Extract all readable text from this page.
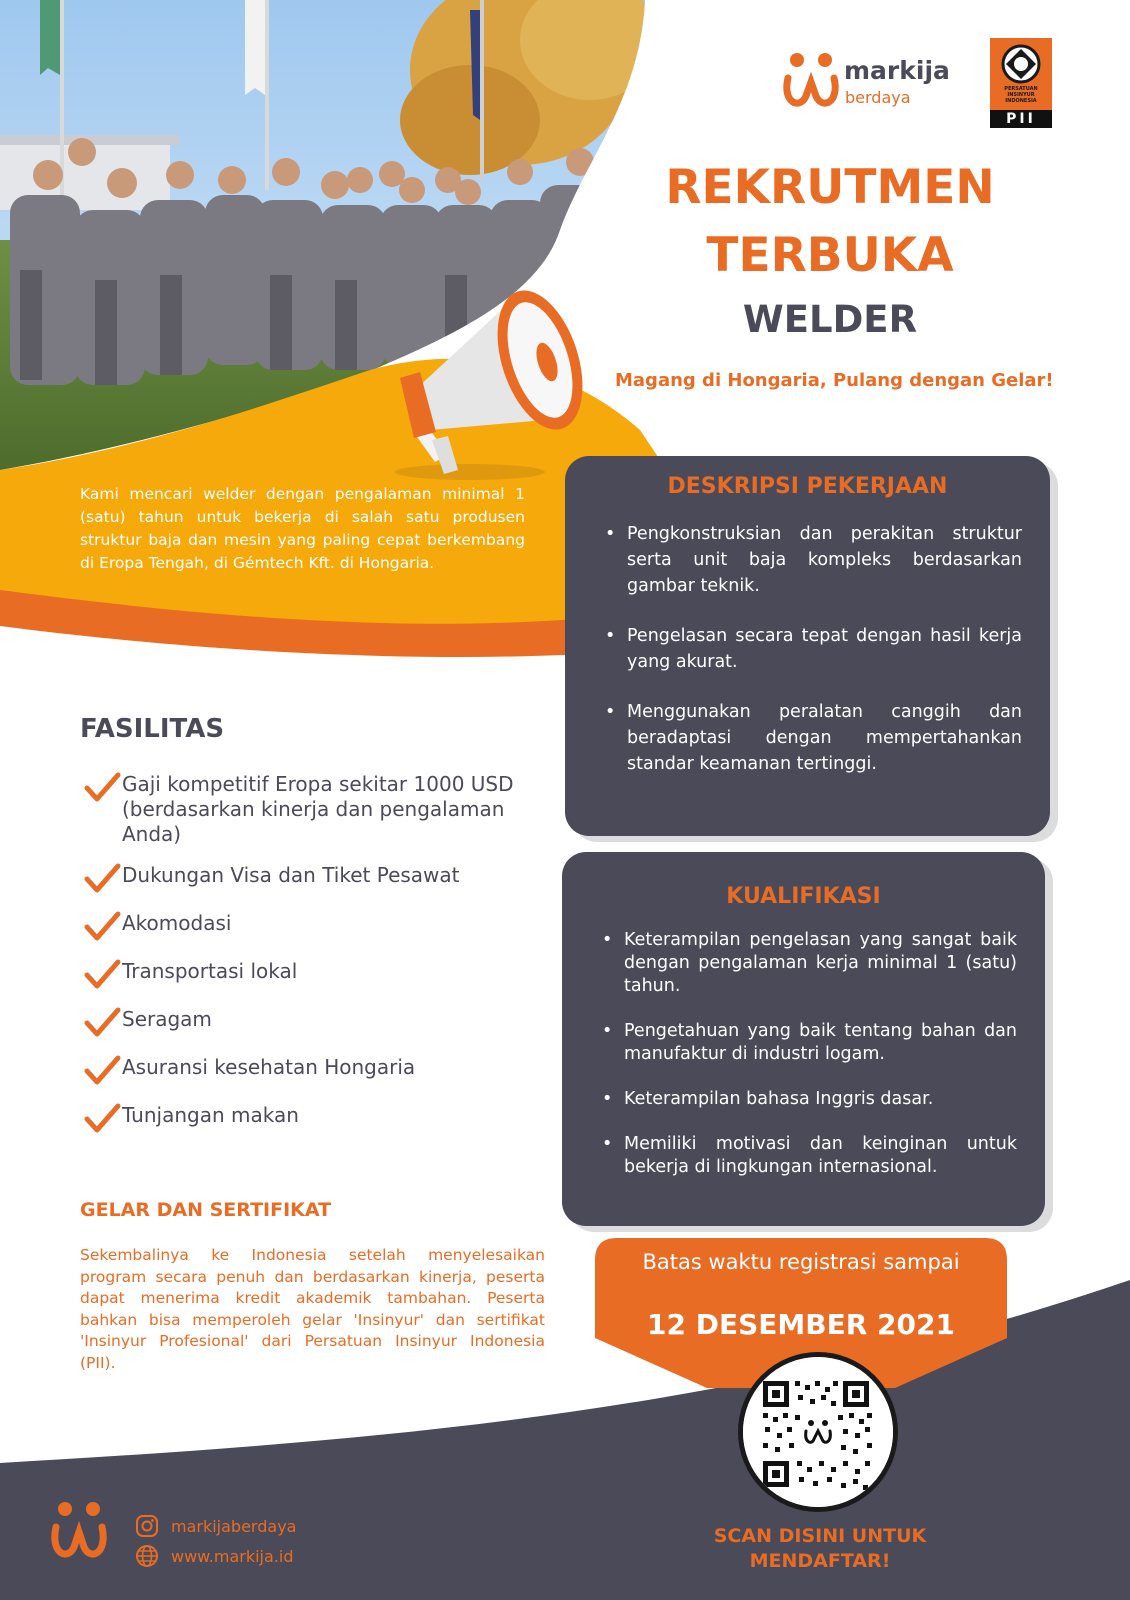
markija
berdaya	PERSATUAN INSINYUR INDONESIA
PII
REKRUTMEN
TERBUKA
WELDER
Magang di Hongaria, Pulang dengan Gelar!

Kami mencari welder dengan pengalaman minimal 1 (satu) tahun untuk bekerja di salah satu produsen struktur baja dan mesin yang paling cepat berkembang di Eropa Tengah, di Gémtech Kft. di Hongaria.

DESKRIPSI PEKERJAAN
• Pengkonstruksian dan perakitan struktur serta unit baja kompleks berdasarkan gambar teknik.
• Pengelasan secara tepat dengan hasil kerja yang akurat.
• Menggunakan peralatan canggih dan beradaptasi dengan mempertahankan standar keamanan tertinggi.
FASILITAS
Gaji kompetitif Eropa sekitar 1000 USD (berdasarkan kinerja dan pengalaman Anda)
Dukungan Visa dan Tiket Pesawat
Akomodasi
Transportasi lokal
Seragam
Asuransi kesehatan Hongaria
Tunjangan makan
KUALIFIKASI
• Keterampilan pengelasan yang sangat baik dengan pengalaman kerja minimal 1 (satu) tahun.
• Pengetahuan yang baik tentang bahan dan manufaktur di industri logam.
• Keterampilan bahasa Inggris dasar.
• Memiliki motivasi dan keinginan untuk bekerja di lingkungan internasional.
GELAR DAN SERTIFIKAT

Sekembalinya ke Indonesia setelah menyelesaikan program secara penuh dan berdasarkan kinerja, peserta dapat menerima kredit akademik tambahan. Peserta bahkan bisa memperoleh gelar 'Insinyur' dan sertifikat 'Insinyur Profesional' dari Persatuan Insinyur Indonesia (PII).

Batas waktu registrasi sampai
12 DESEMBER 2021
SCAN DISINI UNTUK
MENDAFTAR!
markijaberdaya
www.markija.id
